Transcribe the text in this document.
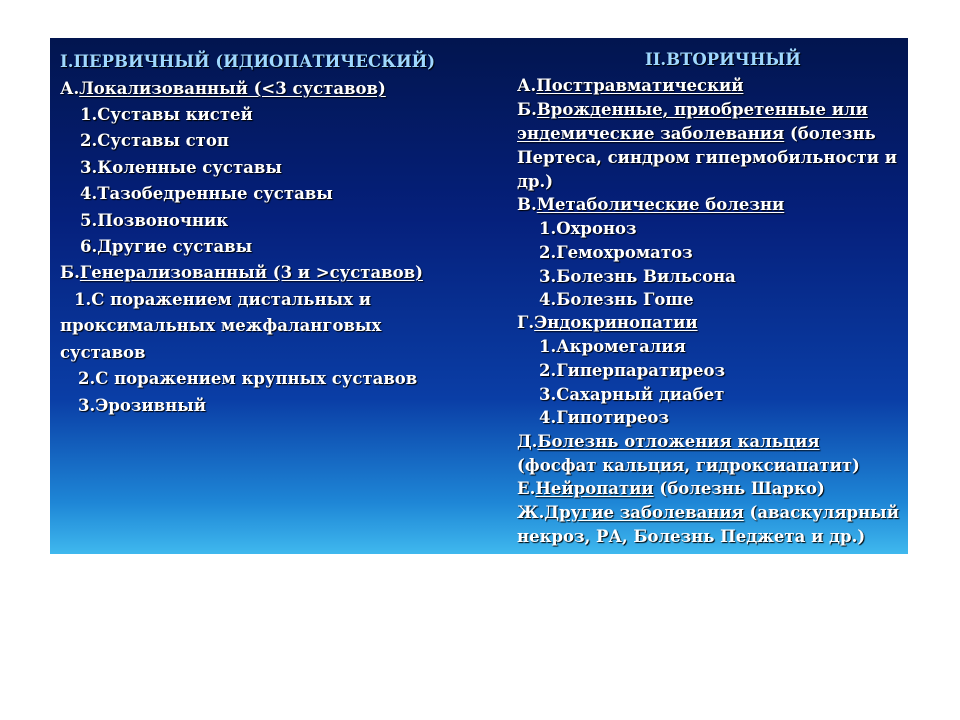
I.ПЕРВИЧНЫЙ (ИДИОПАТИЧЕСКИЙ)
А.Локализованный (<3 суставов)
1.Суставы кистей
2.Суставы стоп
3.Коленные суставы
4.Тазобедренные суставы
5.Позвоночник
6.Другие суставы
Б.Генерализованный (3 и >суставов)
1.С поражением дистальных и
проксимальных межфаланговых
суставов
2.С поражением крупных суставов
3.Эрозивный
II.ВТОРИЧНЫЙ
А.Посттравматический
Б.Врожденные, приобретенные или
эндемические заболевания (болезнь
Пертеса, синдром гипермобильности и
др.)
В.Метаболические болезни
1.Охроноз
2.Гемохроматоз
3.Болезнь Вильсона
4.Болезнь Гоше
Г.Эндокринопатии
1.Акромегалия
2.Гиперпаратиреоз
3.Сахарный диабет
4.Гипотиреоз
Д.Болезнь отложения кальция
(фосфат кальция, гидроксиапатит)
Е.Нейропатии (болезнь Шарко)
Ж.Другие заболевания (аваскулярный
некроз, РА, Болезнь Педжета и др.)
